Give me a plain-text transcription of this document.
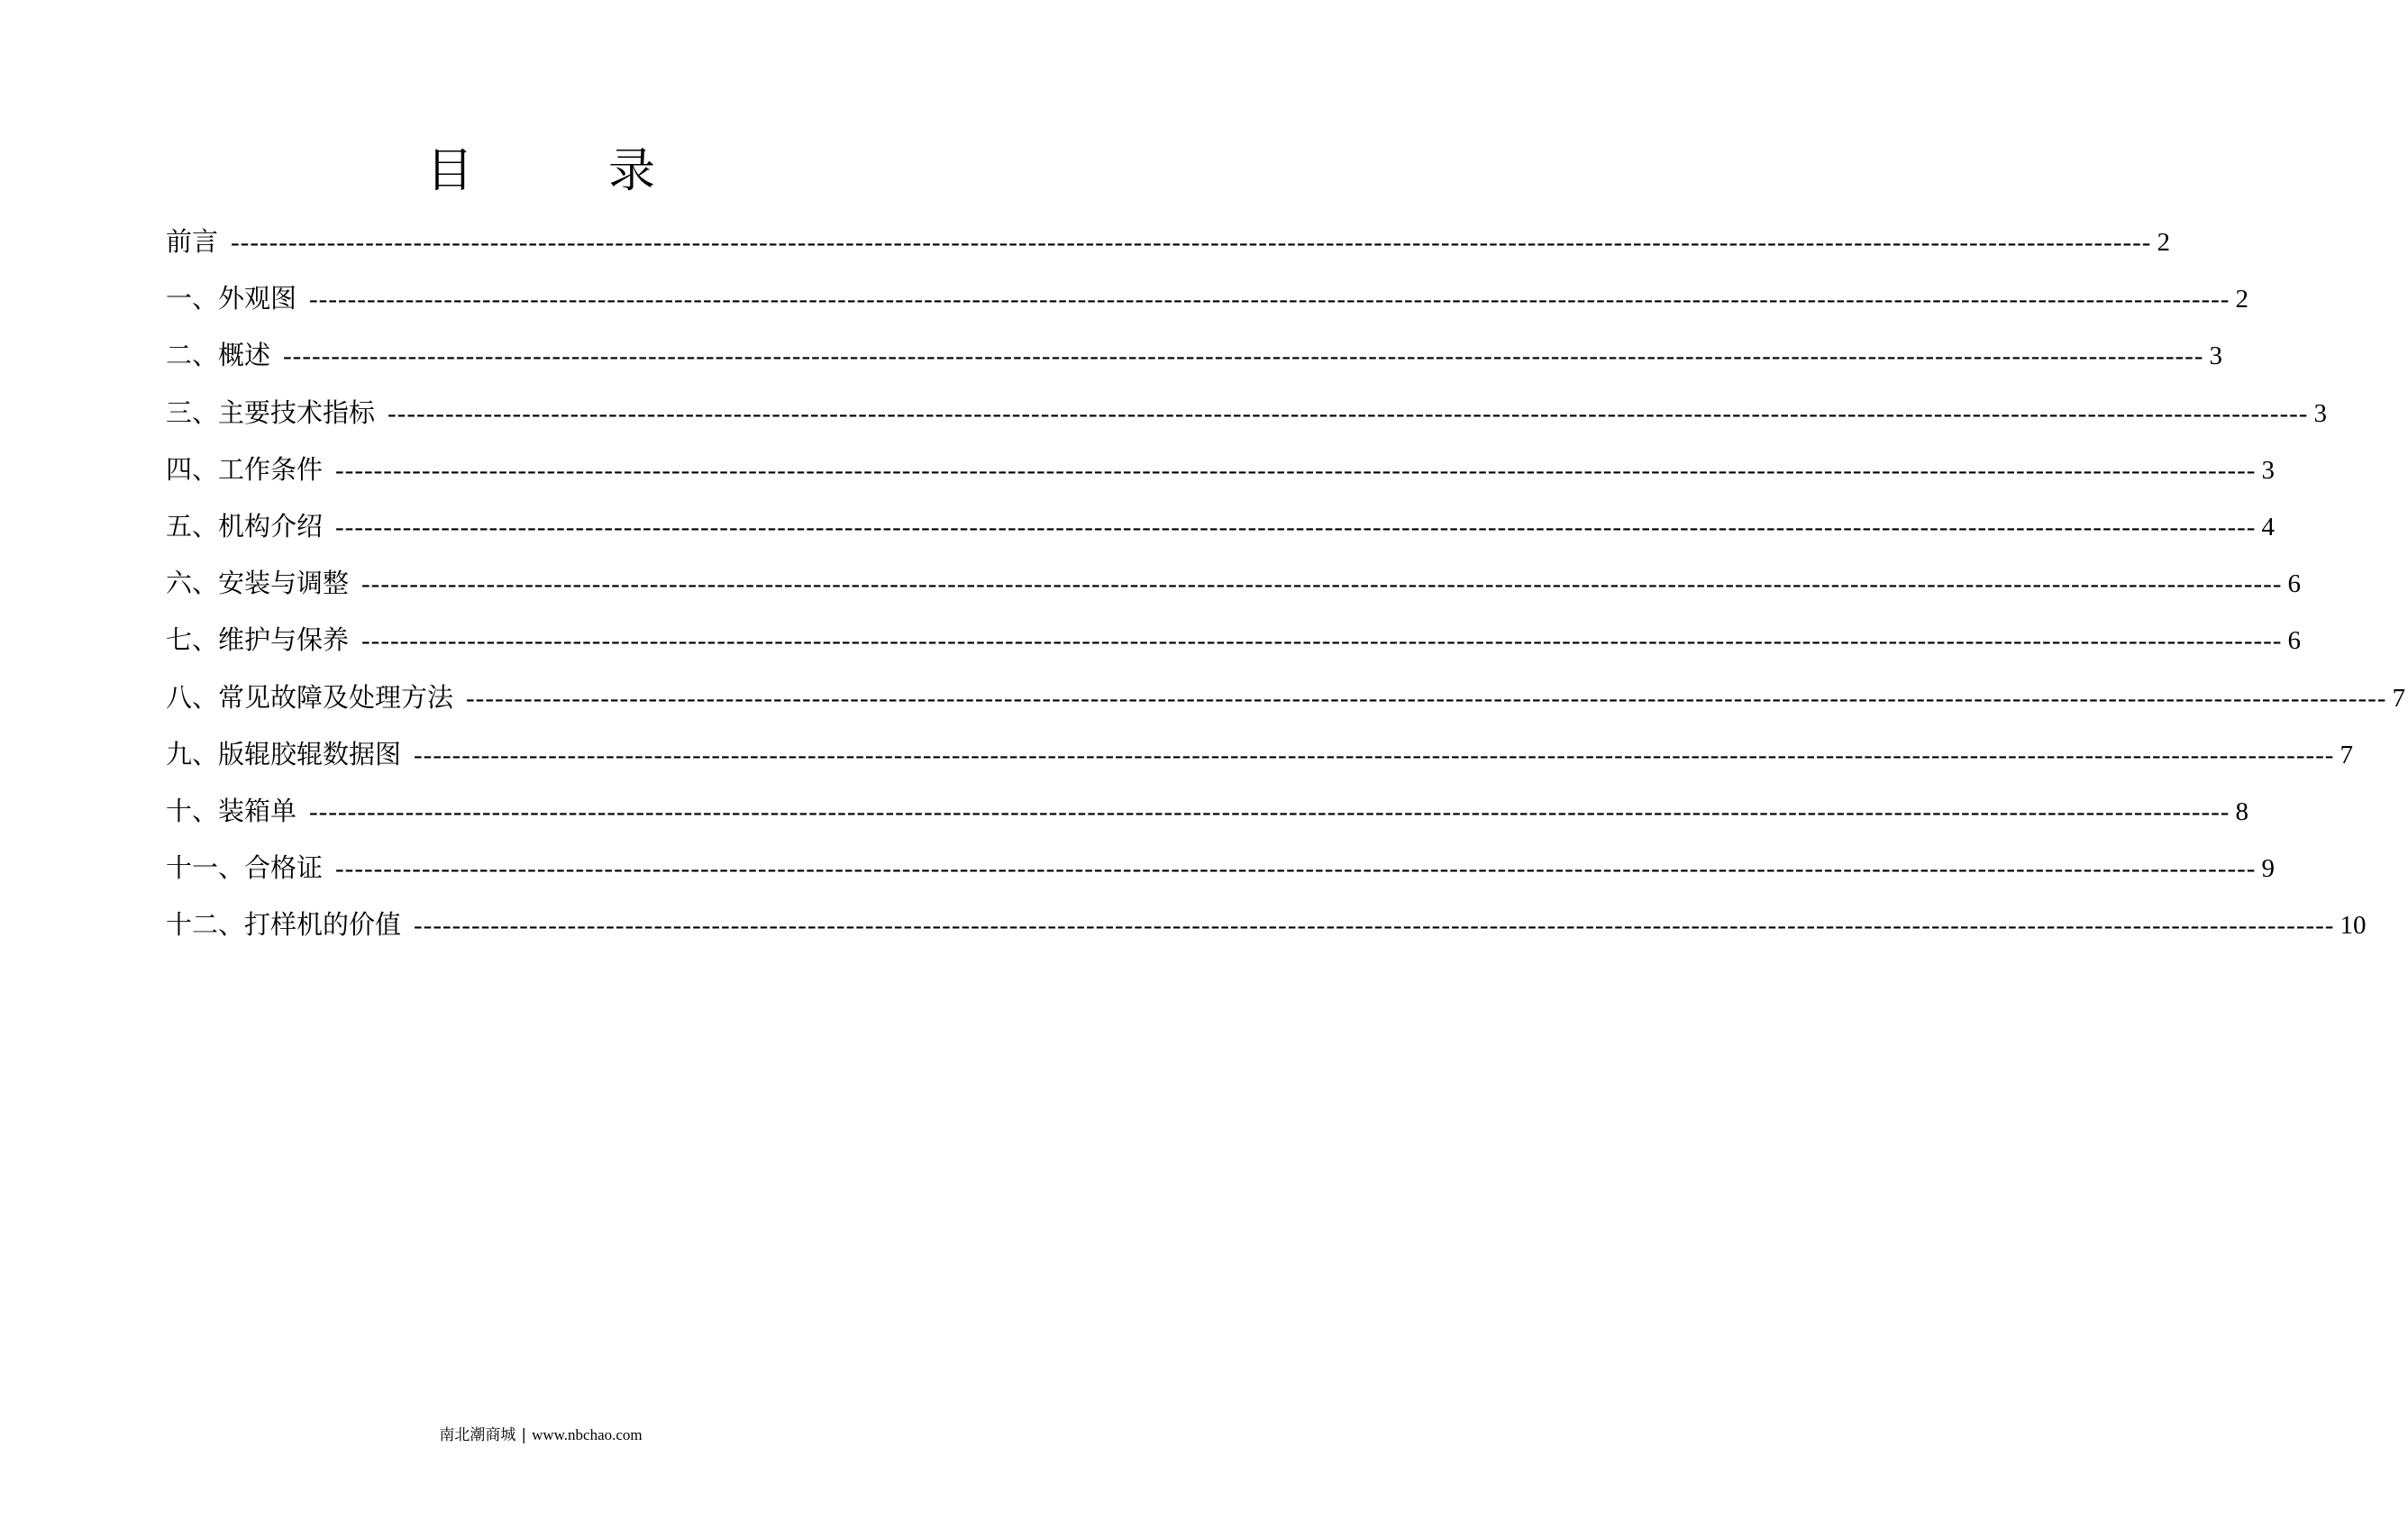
目	录
前言 -------------------------------------------------------------------------------------------------------------------------------------------------------------------------------------------------------- 2
一、外观图 -------------------------------------------------------------------------------------------------------------------------------------------------------------------------------------------------------- 2
二、概述 -------------------------------------------------------------------------------------------------------------------------------------------------------------------------------------------------------- 3
三、主要技术指标 -------------------------------------------------------------------------------------------------------------------------------------------------------------------------------------------------------- 3
四、工作条件 -------------------------------------------------------------------------------------------------------------------------------------------------------------------------------------------------------- 3
五、机构介绍 -------------------------------------------------------------------------------------------------------------------------------------------------------------------------------------------------------- 4
六、安装与调整 -------------------------------------------------------------------------------------------------------------------------------------------------------------------------------------------------------- 6
七、维护与保养 -------------------------------------------------------------------------------------------------------------------------------------------------------------------------------------------------------- 6
八、常见故障及处理方法 -------------------------------------------------------------------------------------------------------------------------------------------------------------------------------------------------------- 7
九、版辊胶辊数据图 -------------------------------------------------------------------------------------------------------------------------------------------------------------------------------------------------------- 7
十、装箱单 -------------------------------------------------------------------------------------------------------------------------------------------------------------------------------------------------------- 8
十一、合格证 -------------------------------------------------------------------------------------------------------------------------------------------------------------------------------------------------------- 9
十二、打样机的价值 -------------------------------------------------------------------------------------------------------------------------------------------------------------------------------------------------------- 10
南北潮商城 | www.nbchao.com
